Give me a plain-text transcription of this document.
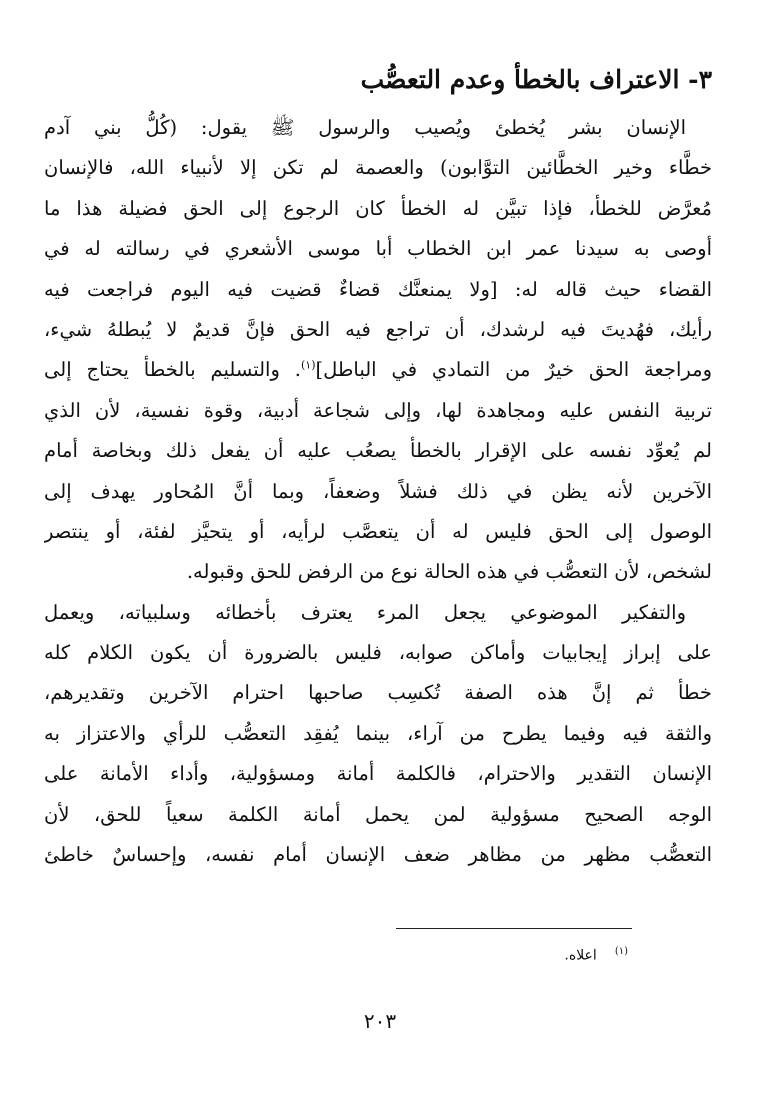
٣- الاعتراف بالخطأ وعدم التعصُّب
الإنسان بشر يُخطئ ويُصيب والرسول ﷺ يقول: (كُلُّ بني آدم
خطَّاء وخير الخطَّائين التوَّابون) والعصمة لم تكن إلا لأنبياء الله، فالإنسان
مُعرَّض للخطأ، فإذا تبيَّن له الخطأ كان الرجوع إلى الحق فضيلة هذا ما
أوصى به سيدنا عمر ابن الخطاب أبا موسى الأشعري في رسالته له في
القضاء حيث قاله له: [ولا يمنعنَّك قضاءٌ قضيت فيه اليوم فراجعت فيه
رأيك، فهُديتَ فيه لرشدك، أن تراجع فيه الحق فإنَّ قديمٌ لا يُبطلهُ شيء،
ومراجعة الحق خيرٌ من التمادي في الباطل]$^{(١)}$. والتسليم بالخطأ يحتاج إلى
تربية النفس عليه ومجاهدة لها، وإلى شجاعة أدبية، وقوة نفسية، لأن الذي
لم يُعوِّد نفسه على الإقرار بالخطأ يصعُب عليه أن يفعل ذلك وبخاصة أمام
الآخرين لأنه يظن في ذلك فشلاً وضعفاً، وبما أنَّ المُحاور يهدف إلى
الوصول إلى الحق فليس له أن يتعصَّب لرأيه، أو يتحيَّز لفئة، أو ينتصر
لشخص، لأن التعصُّب في هذه الحالة نوع من الرفض للحق وقبوله.
والتفكير الموضوعي يجعل المرء يعترف بأخطائه وسلبياته، ويعمل
على إبراز إيجابيات وأماكن صوابه، فليس بالضرورة أن يكون الكلام كله
خطأ ثم إنَّ هذه الصفة تُكسِب صاحبها احترام الآخرين وتقديرهم،
والثقة فيه وفيما يطرح من آراء، بينما يُفقِد التعصُّب للرأي والاعتزاز به
الإنسان التقدير والاحترام، فالكلمة أمانة ومسؤولية، وأداء الأمانة على
الوجه الصحيح مسؤولية لمن يحمل أمانة الكلمة سعياً للحق، لأن
التعصُّب مظهر من مظاهر ضعف الإنسان أمام نفسه، وإحساسٌ خاطئ
$^{(١)}$اعلاه.
٢٠٣
